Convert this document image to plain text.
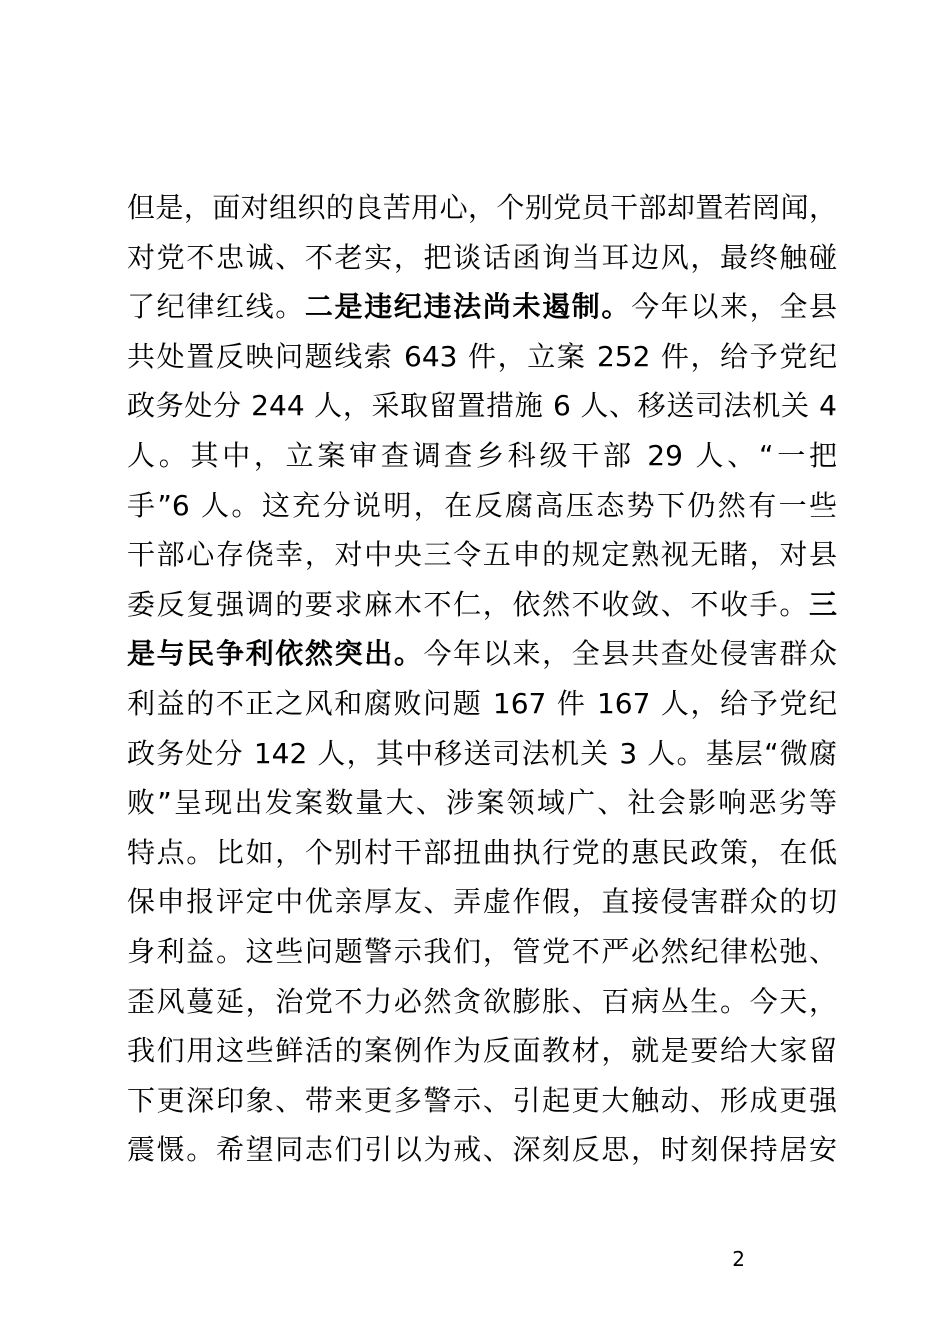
但是，面对组织的良苦用心，个别党员干部却置若罔闻，
对党不忠诚、不老实，把谈话函询当耳边风，最终触碰
了纪律红线。二是违纪违法尚未遏制。今年以来，全县
共处置反映问题线索 643 件，立案 252 件，给予党纪
政务处分 244 人，采取留置措施 6 人、移送司法机关 4
人。其中，立案审查调查乡科级干部 29 人、“一把
手”6 人。这充分说明，在反腐高压态势下仍然有一些
干部心存侥幸，对中央三令五申的规定熟视无睹，对县
委反复强调的要求麻木不仁，依然不收敛、不收手。三
是与民争利依然突出。今年以来，全县共查处侵害群众
利益的不正之风和腐败问题 167 件 167 人，给予党纪
政务处分 142 人，其中移送司法机关 3 人。基层“微腐
败”呈现出发案数量大、涉案领域广、社会影响恶劣等
特点。比如，个别村干部扭曲执行党的惠民政策，在低
保申报评定中优亲厚友、弄虚作假，直接侵害群众的切
身利益。这些问题警示我们，管党不严必然纪律松弛、
歪风蔓延，治党不力必然贪欲膨胀、百病丛生。今天，
我们用这些鲜活的案例作为反面教材，就是要给大家留
下更深印象、带来更多警示、引起更大触动、形成更强
震慑。希望同志们引以为戒、深刻反思，时刻保持居安
2
